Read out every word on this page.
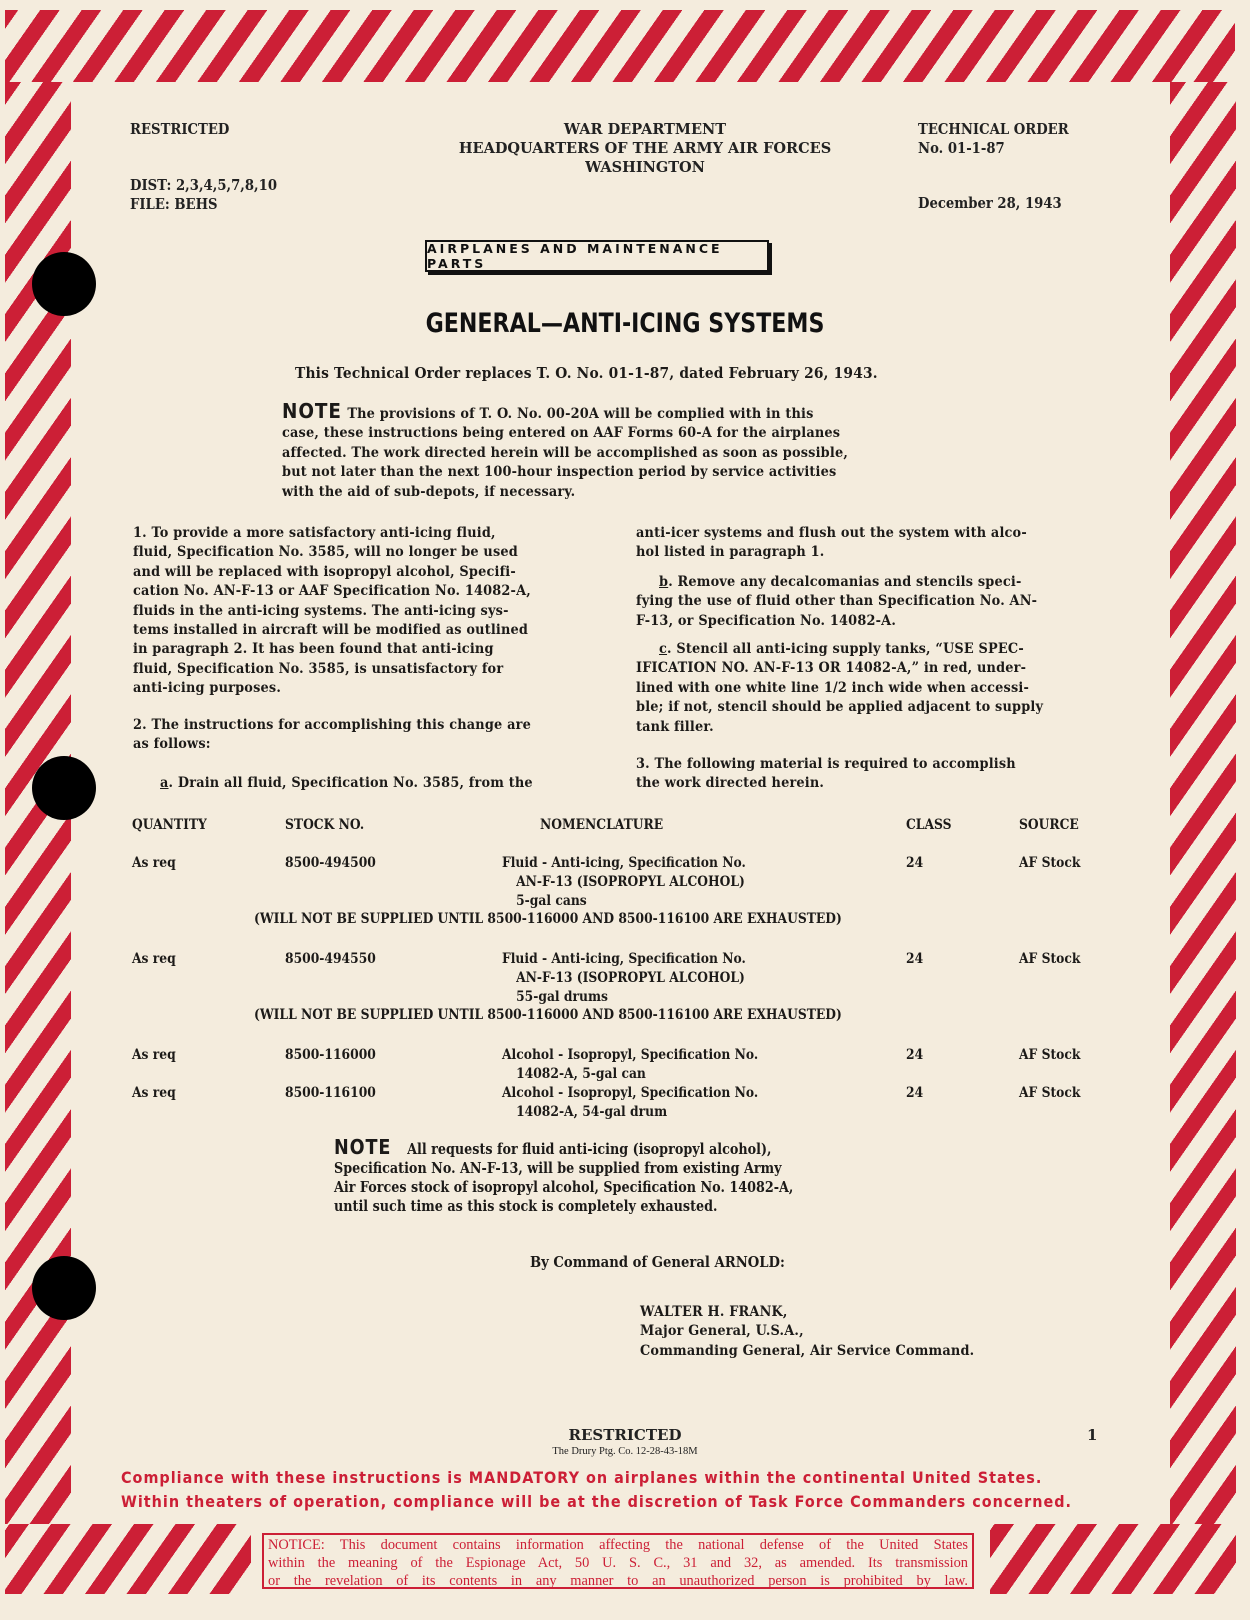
RESTRICTED	WAR DEPARTMENT
HEADQUARTERS OF THE ARMY AIR FORCES
WASHINGTON
TECHNICAL ORDER
No. 01-1-87
DIST: 2,3,4,5,7,8,10
FILE: BEHS	December 28, 1943
AIRPLANES AND MAINTENANCE PARTS
GENERAL—ANTI-ICING SYSTEMS
This Technical Order replaces T. O. No. 01-1-87, dated February 26, 1943.
NOTE The provisions of T. O. No. 00-20A will be complied with in this
case, these instructions being entered on AAF Forms 60-A for the airplanes
affected. The work directed herein will be accomplished as soon as possible,
but not later than the next 100-hour inspection period by service activities
with the aid of sub-depots, if necessary.
1. To provide a more satisfactory anti-icing fluid,
fluid, Specification No. 3585, will no longer be used
and will be replaced with isopropyl alcohol, Specifi-
cation No. AN-F-13 or AAF Specification No. 14082-A,
fluids in the anti-icing systems. The anti-icing sys-
tems installed in aircraft will be modified as outlined
in paragraph 2. It has been found that anti-icing
fluid, Specification No. 3585, is unsatisfactory for
anti-icing purposes.
2. The instructions for accomplishing this change are
as follows:
a. Drain all fluid, Specification No. 3585, from the
anti-icer systems and flush out the system with alco-
hol listed in paragraph 1.
b. Remove any decalcomanias and stencils speci-
fying the use of fluid other than Specification No. AN-
F-13, or Specification No. 14082-A.
c. Stencil all anti-icing supply tanks, “USE SPEC-
IFICATION NO. AN-F-13 OR 14082-A,” in red, under-
lined with one white line 1/2 inch wide when accessi-
ble; if not, stencil should be applied adjacent to supply
tank filler.
3. The following material is required to accomplish
the work directed herein.
QUANTITY	STOCK NO.	NOMENCLATURE	CLASS	SOURCE
As req	8500-494500	Fluid - Anti-icing, Specification No.
AN-F-13 (ISOPROPYL ALCOHOL)
5-gal cans
24	AF Stock
(WILL NOT BE SUPPLIED UNTIL 8500-116000 AND 8500-116100 ARE EXHAUSTED)
As req	8500-494550	Fluid - Anti-icing, Specification No.
AN-F-13 (ISOPROPYL ALCOHOL)
55-gal drums
24	AF Stock
(WILL NOT BE SUPPLIED UNTIL 8500-116000 AND 8500-116100 ARE EXHAUSTED)
As req	8500-116000	Alcohol - Isopropyl, Specification No.
14082-A, 5-gal can
24	AF Stock
As req	8500-116100	Alcohol - Isopropyl, Specification No.
14082-A, 54-gal drum
24	AF Stock
NOTE All requests for fluid anti-icing (isopropyl alcohol),
Specification No. AN-F-13, will be supplied from existing Army
Air Forces stock of isopropyl alcohol, Specification No. 14082-A,
until such time as this stock is completely exhausted.
By Command of General ARNOLD:
WALTER H. FRANK,
Major General, U.S.A.,
Commanding General, Air Service Command.
RESTRICTED
The Drury Ptg. Co. 12-28-43-18M
1
Compliance with these instructions is MANDATORY on airplanes within the continental United States.
Within theaters of operation, compliance will be at the discretion of Task Force Commanders concerned.
NOTICE: This document contains information affecting the national defense of the United States
within the meaning of the Espionage Act, 50 U. S. C., 31 and 32, as amended. Its transmission
or the revelation of its contents in any manner to an unauthorized person is prohibited by law.
